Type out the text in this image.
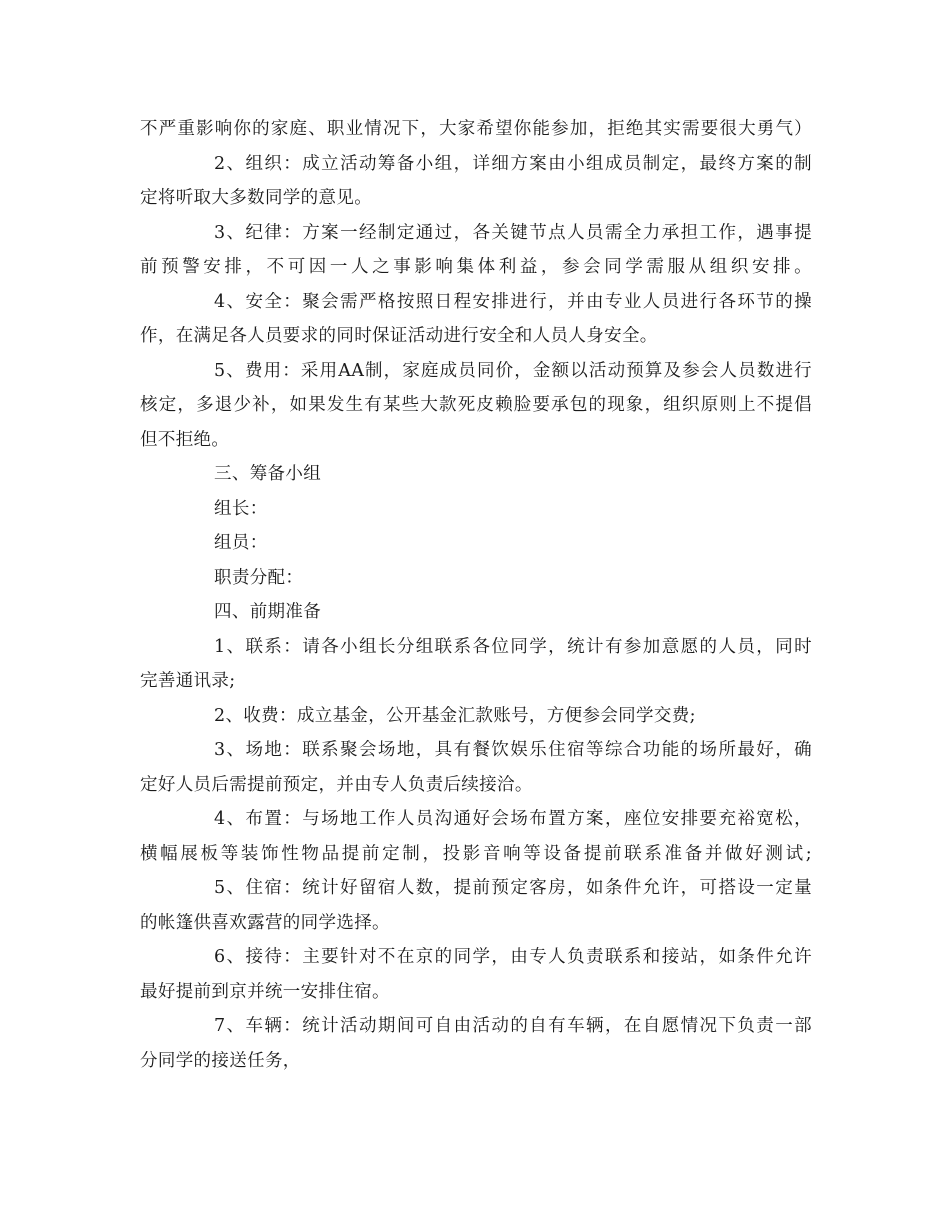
不严重影响你的家庭、职业情况下，大家希望你能参加，拒绝其实需要很大勇气）
2、组织：成立活动筹备小组，详细方案由小组成员制定，最终方案的制
定将听取大多数同学的意见。
3、纪律：方案一经制定通过，各关键节点人员需全力承担工作，遇事提
前预警安排，不可因一人之事影响集体利益，参会同学需服从组织安排。
4、安全：聚会需严格按照日程安排进行，并由专业人员进行各环节的操
作，在满足各人员要求的同时保证活动进行安全和人员人身安全。
5、费用：采用AA制，家庭成员同价，金额以活动预算及参会人员数进行
核定，多退少补，如果发生有某些大款死皮赖脸要承包的现象，组织原则上不提倡
但不拒绝。
三、筹备小组
组长：
组员：
职责分配：
四、前期准备
1、联系：请各小组长分组联系各位同学，统计有参加意愿的人员，同时
完善通讯录;
2、收费：成立基金，公开基金汇款账号，方便参会同学交费;
3、场地：联系聚会场地，具有餐饮娱乐住宿等综合功能的场所最好，确
定好人员后需提前预定，并由专人负责后续接洽。
4、布置：与场地工作人员沟通好会场布置方案，座位安排要充裕宽松，
横幅展板等装饰性物品提前定制，投影音响等设备提前联系准备并做好测试;
5、住宿：统计好留宿人数，提前预定客房，如条件允许，可搭设一定量
的帐篷供喜欢露营的同学选择。
6、接待：主要针对不在京的同学，由专人负责联系和接站，如条件允许
最好提前到京并统一安排住宿。
7、车辆：统计活动期间可自由活动的自有车辆，在自愿情况下负责一部
分同学的接送任务，
